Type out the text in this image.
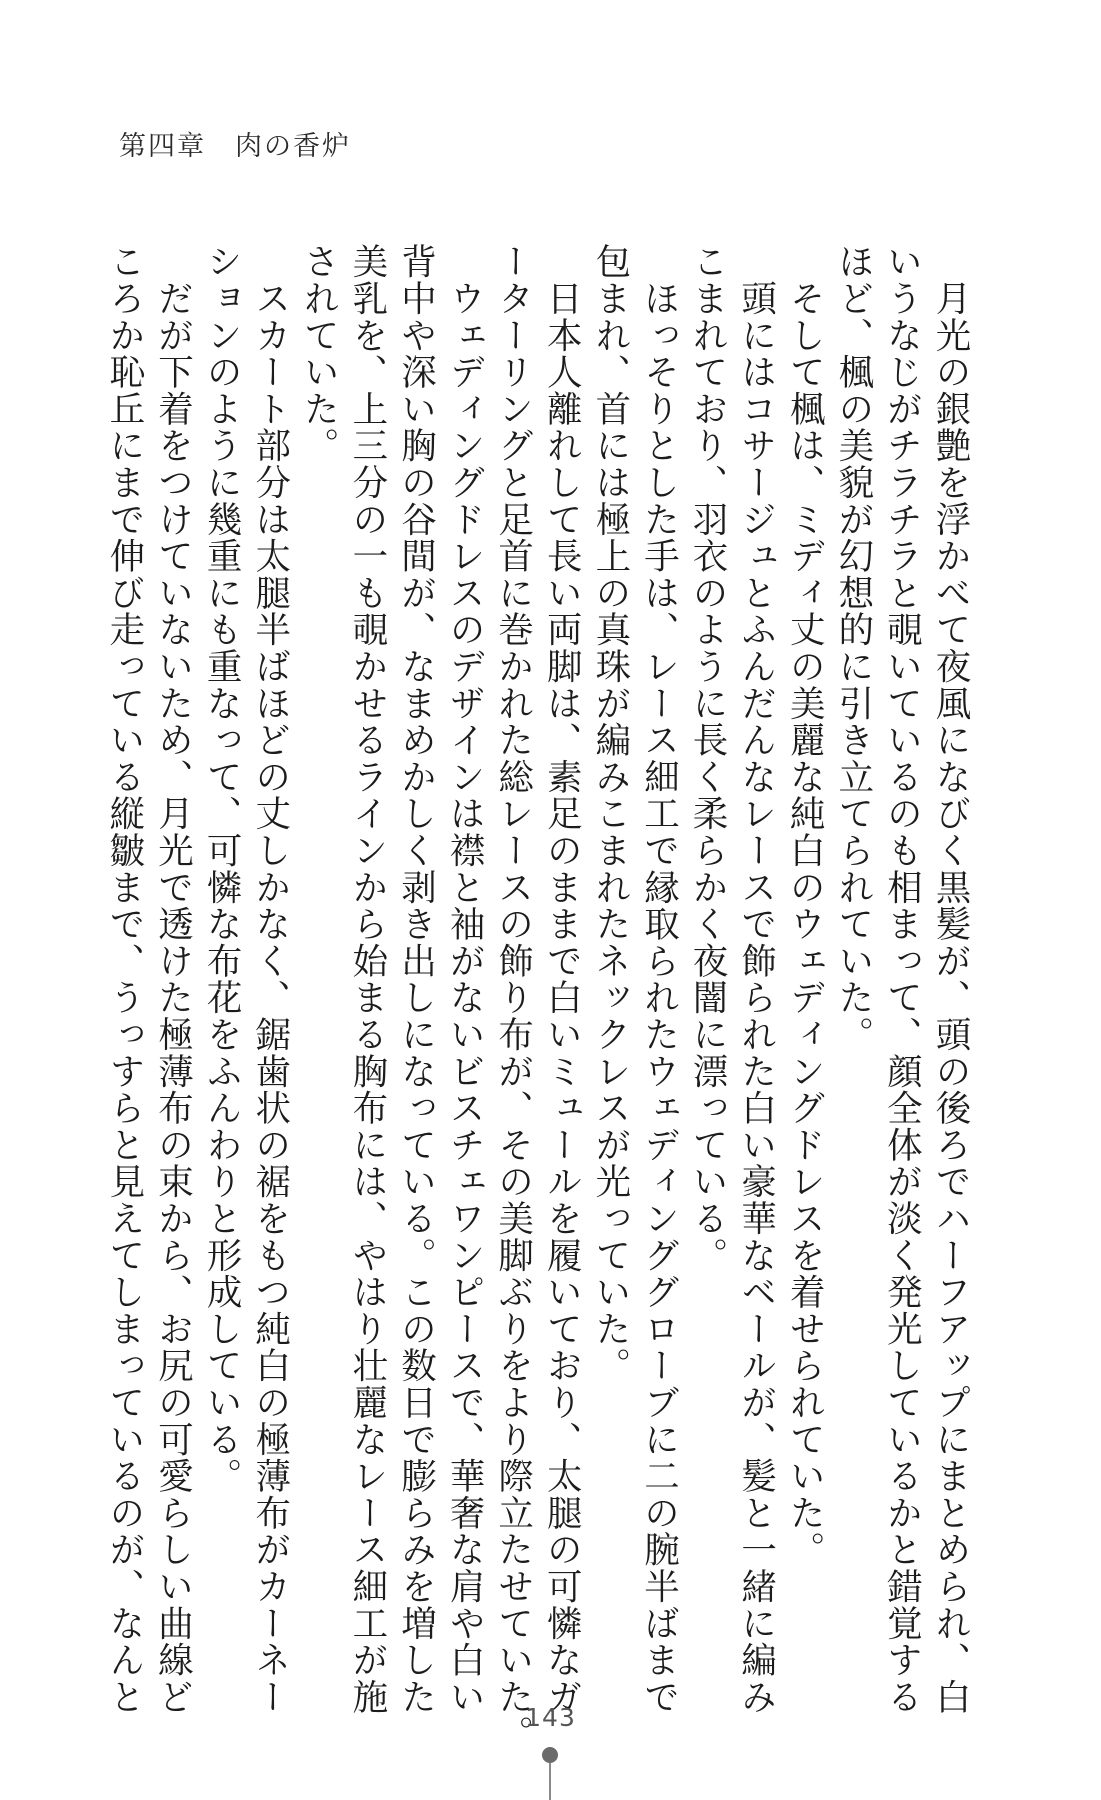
第四章　肉の香炉

　月光の銀艶を浮かべて夜風になびく黒髪が、頭の後ろでハーフアップにまとめられ、白

いうなじがチラチラと覗いているのも相まって、顔全体が淡く発光しているかと錯覚する

ほど、楓の美貌が幻想的に引き立てられていた。

　そして楓は、ミディ丈の美麗な純白のウェディングドレスを着せられていた。

　頭にはコサージュとふんだんなレースで飾られた白い豪華なベールが、髪と一緒に編み

こまれており、羽衣のように長く柔らかく夜闇に漂っている。

　ほっそりとした手は、レース細工で縁取られたウェディンググローブに二の腕半ばまで

包まれ、首には極上の真珠が編みこまれたネックレスが光っていた。

　日本人離れして長い両脚は、素足のままで白いミュールを履いており、太腿の可憐なガ

ーターリングと足首に巻かれた総レースの飾り布が、その美脚ぶりをより際立たせていた。

　ウェディングドレスのデザインは襟と袖がないビスチェワンピースで、華奢な肩や白い

背中や深い胸の谷間が、なまめかしく剥き出しになっている。この数日で膨らみを増した

美乳を、上三分の一も覗かせるラインから始まる胸布には、やはり壮麗なレース細工が施

されていた。

　スカート部分は太腿半ばほどの丈しかなく、鋸歯状の裾をもつ純白の極薄布がカーネー

ションのように幾重にも重なって、可憐な布花をふんわりと形成している。

　だが下着をつけていないため、月光で透けた極薄布の束から、お尻の可愛らしい曲線ど

ころか恥丘にまで伸び走っている縦皺まで、うっすらと見えてしまっているのが、なんと

143
